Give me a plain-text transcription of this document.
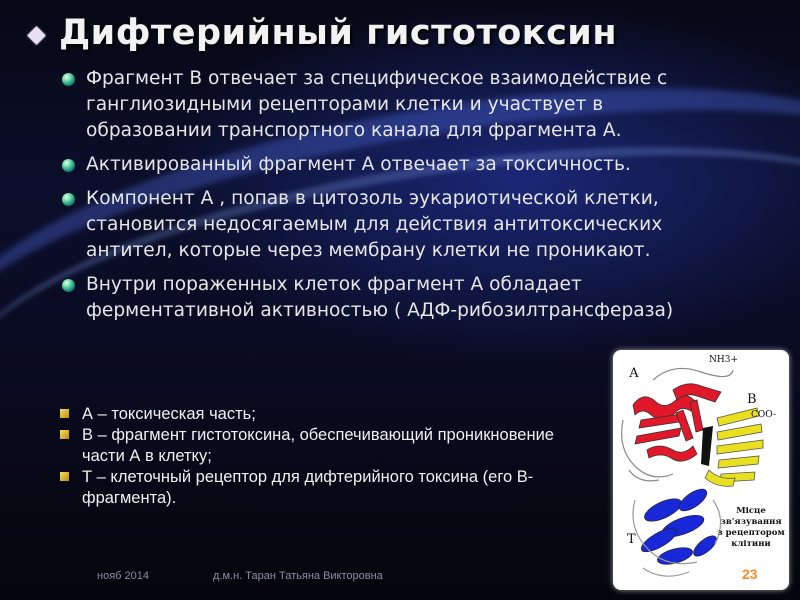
Дифтерийный гистотоксин
Фрагмент В отвечает за специфическое взаимодействие с ганглиозидными рецепторами клетки и участвует в образовании транспортного канала для фрагмента А.
Активированный фрагмент А отвечает за токсичность.
Компонент А , попав в цитозоль эукариотической клетки, становится недосягаемым для действия антитоксических антител, которые через мембрану клетки не проникают.
Внутри пораженных клеток фрагмент А обладает ферментативной активностью ( АДФ-рибозилтрансфераза)
А – токсическая часть;
В – фрагмент гистотоксина, обеспечивающий проникновение части А в клетку;
Т – клеточный рецептор для дифтерийного токсина (его В-фрагмента).
А
NH3+
В
COO-
Т
Місце зв'язування
з рецептором
клітини
нояб 2014	д.м.н. Таран Татьяна Викторовна	23
